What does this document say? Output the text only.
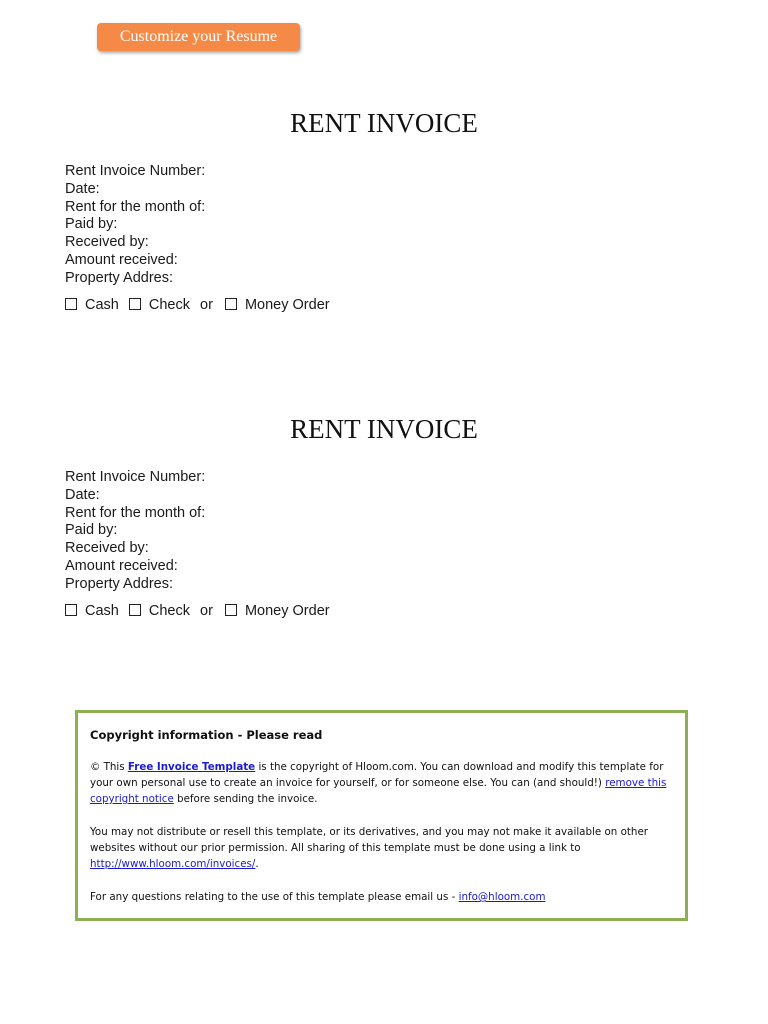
Customize your Resume
RENT INVOICE
Rent Invoice Number:
Date:
Rent for the month of:
Paid by:
Received by:
Amount received:
Property Addres:
Cash Check or Money Order
RENT INVOICE
Rent Invoice Number:
Date:
Rent for the month of:
Paid by:
Received by:
Amount received:
Property Addres:
Cash Check or Money Order

Copyright information - Please read

© This Free Invoice Template is the copyright of Hloom.com. You can download and modify this template for your own personal use to create an invoice for yourself, or for someone else. You can (and should!) remove this copyright notice before sending the invoice.

You may not distribute or resell this template, or its derivatives, and you may not make it available on other websites without our prior permission. All sharing of this template must be done using a link to http://www.hloom.com/invoices/.

For any questions relating to the use of this template please email us - info@hloom.com
